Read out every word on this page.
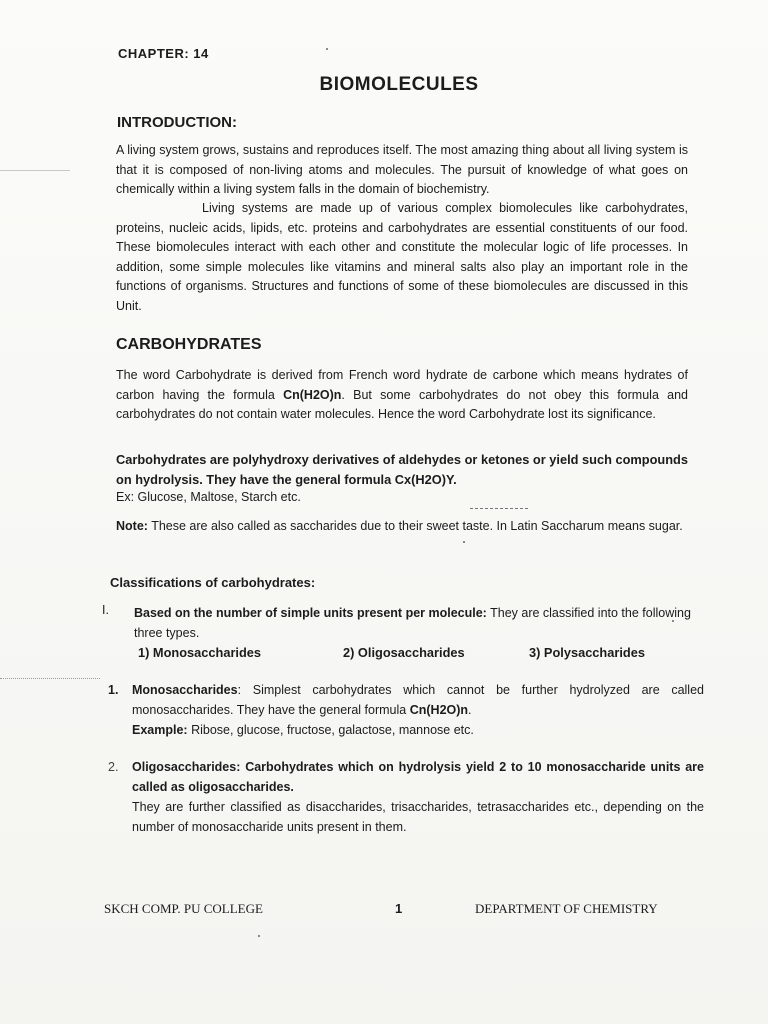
CHAPTER: 14
BIOMOLECULES
INTRODUCTION:

A living system grows, sustains and reproduces itself. The most amazing thing about all living system is that it is composed of non-living atoms and molecules. The pursuit of knowledge of what goes on chemically within a living system falls in the domain of biochemistry.

Living systems are made up of various complex biomolecules like carbohydrates, proteins, nucleic acids, lipids, etc. proteins and carbohydrates are essential constituents of our food. These biomolecules interact with each other and constitute the molecular logic of life processes. In addition, some simple molecules like vitamins and mineral salts also play an important role in the functions of organisms. Structures and functions of some of these biomolecules are discussed in this Unit.

CARBOHYDRATES

The word Carbohydrate is derived from French word hydrate de carbone which means hydrates of carbon having the formula Cn(H2O)n. But some carbohydrates do not obey this formula and carbohydrates do not contain water molecules. Hence the word Carbohydrate lost its significance.

Carbohydrates are polyhydroxy derivatives of aldehydes or ketones or yield such compounds on hydrolysis. They have the general formula Cx(H2O)Y.

Ex: Glucose, Maltose, Starch etc.

Note: These are also called as saccharides due to their sweet taste. In Latin Saccharum means sugar.

Classifications of carbohydrates:
I. Based on the number of simple units present per molecule: They are classified into the following three types.

1) Monosaccharides	2) Oligosaccharides	3) Polysaccharides
1. Monosaccharides: Simplest carbohydrates which cannot be further hydrolyzed are called monosaccharides. They have the general formula Cn(H2O)n.
Example: Ribose, glucose, fructose, galactose, mannose etc.

2. Oligosaccharides: Carbohydrates which on hydrolysis yield 2 to 10 monosaccharide units are called as oligosaccharides.
They are further classified as disaccharides, trisaccharides, tetrasaccharides etc., depending on the number of monosaccharide units present in them.

SKCH COMP. PU COLLEGE	1	DEPARTMENT OF CHEMISTRY
